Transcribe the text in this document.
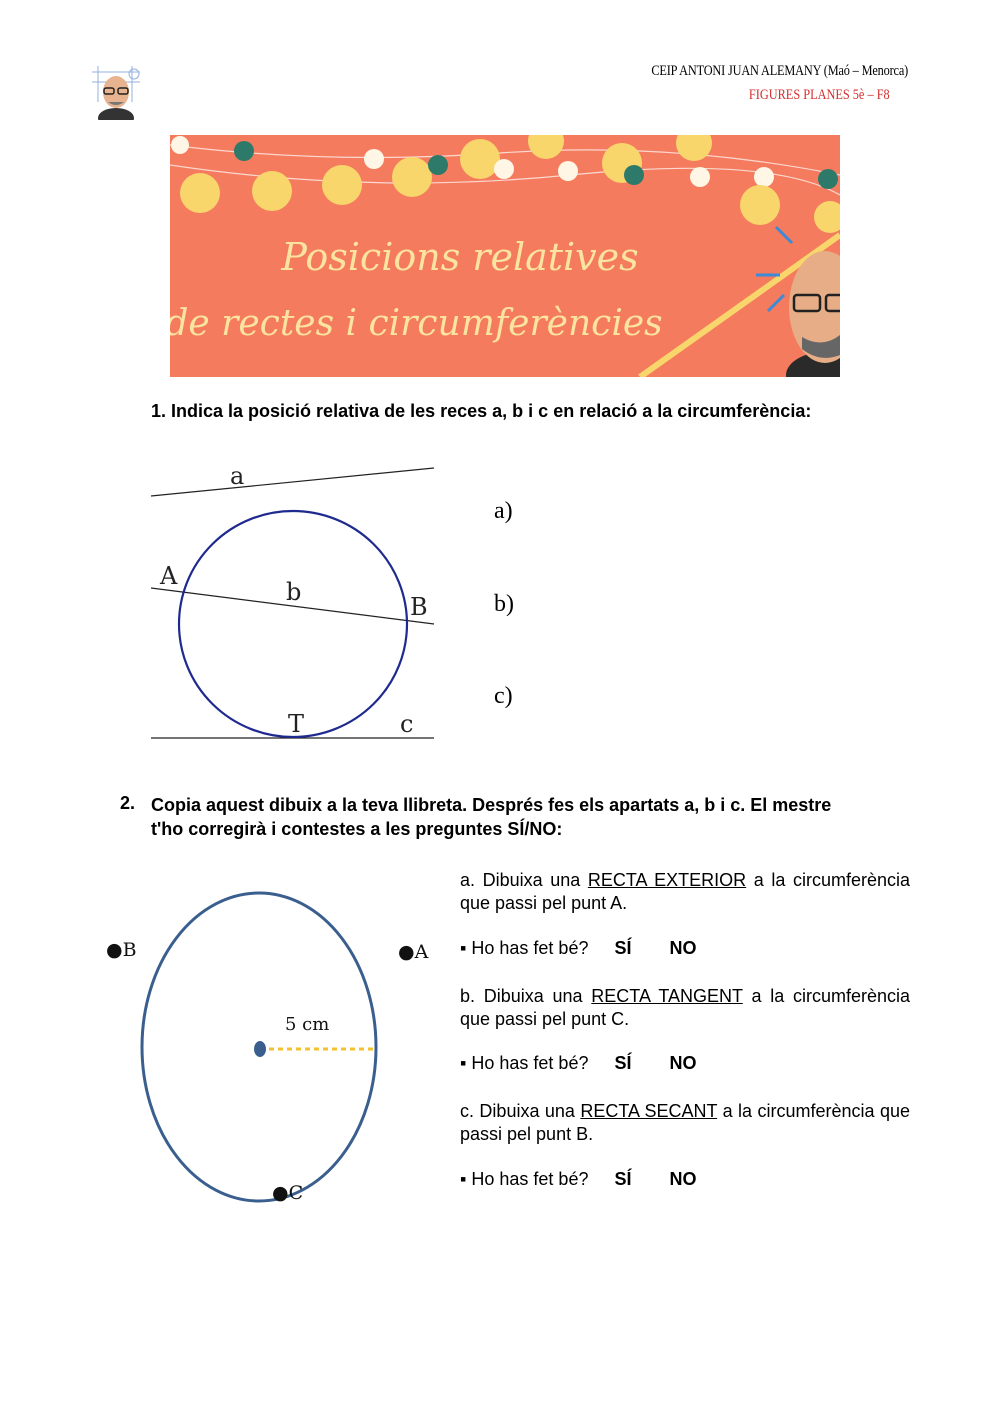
CEIP ANTONI JUAN ALEMANY (Maó – Menorca)
FIGURES PLANES 5è – F8
Posicions relatives
de rectes i circumferències
1. Indica la posició relativa de les reces a, b i c en relació a la circumferència:
a
A
b
B
T	c
a)
b)
c)
2. Copia aquest dibuix a la teva llibreta. Després fes els apartats a, b i c. El mestre t'ho corregirà i contestes a les preguntes SÍ/NO:
5 cm
●B	●A
●C
a. Dibuixa una RECTA EXTERIOR a la circumferència que passi pel punt A.
▪ Ho has fet bé? SÍ NO
b. Dibuixa una RECTA TANGENT a la circumferència que passi pel punt C.
▪ Ho has fet bé? SÍ NO
c. Dibuixa una RECTA SECANT a la circumferència que passi pel punt B.
▪ Ho has fet bé? SÍ NO
